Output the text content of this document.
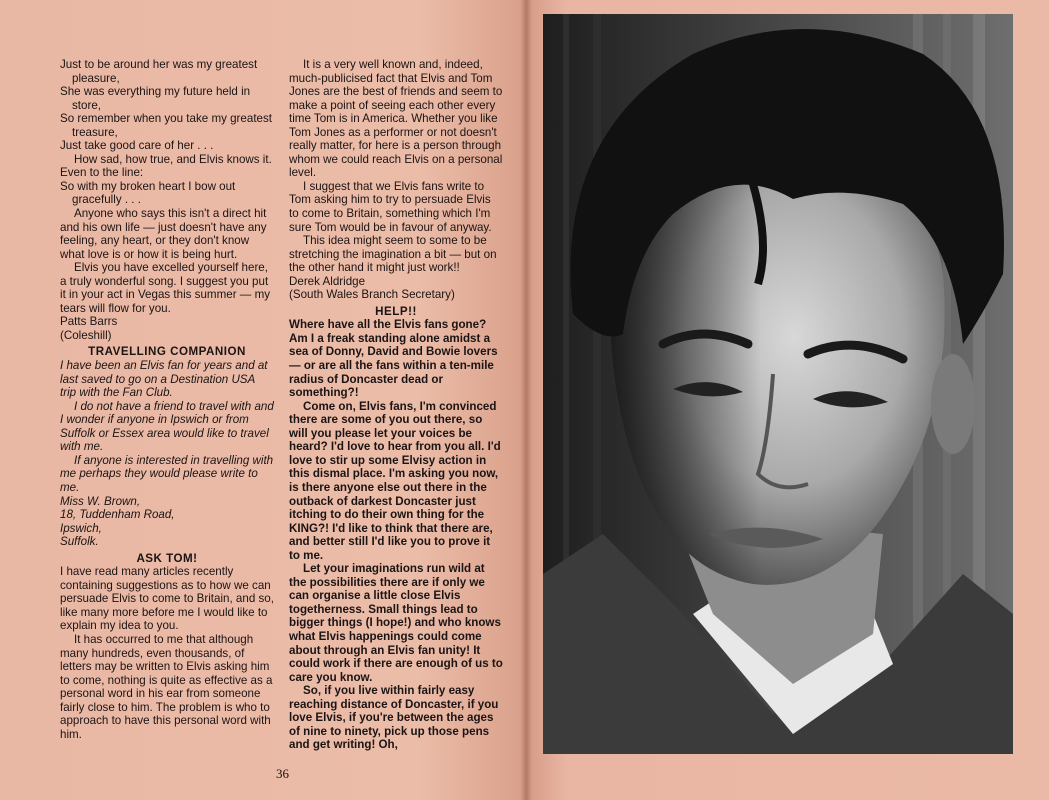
Just to be around her was my greatest pleasure,

She was everything my future held in store,

So remember when you take my greatest treasure,

Just take good care of her . . .

How sad, how true, and Elvis knows it. Even to the line:

So with my broken heart I bow out gracefully . . .

Anyone who says this isn't a direct hit and his own life — just doesn't have any feeling, any heart, or they don't know what love is or how it is being hurt.

Elvis you have excelled yourself here, a truly wonderful song. I suggest you put it in your act in Vegas this summer — my tears will flow for you.

Patts Barrs

(Coleshill)

TRAVELLING COMPANION

I have been an Elvis fan for years and at last saved to go on a Destination USA trip with the Fan Club.

I do not have a friend to travel with and I wonder if anyone in Ipswich or from Suffolk or Essex area would like to travel with me.

If anyone is interested in travelling with me perhaps they would please write to me.

Miss W. Brown,

18, Tuddenham Road,

Ipswich,

Suffolk.

ASK TOM!

I have read many articles recently containing suggestions as to how we can persuade Elvis to come to Britain, and so, like many more before me I would like to explain my idea to you.

It has occurred to me that although many hundreds, even thousands, of letters may be written to Elvis asking him to come, nothing is quite as effective as a personal word in his ear from someone fairly close to him. The problem is who to approach to have this personal word with him.

It is a very well known and, indeed, much-publicised fact that Elvis and Tom Jones are the best of friends and seem to make a point of seeing each other every time Tom is in America. Whether you like Tom Jones as a performer or not doesn't really matter, for here is a person through whom we could reach Elvis on a personal level.

I suggest that we Elvis fans write to Tom asking him to try to persuade Elvis to come to Britain, something which I'm sure Tom would be in favour of anyway.

This idea might seem to some to be stretching the imagination a bit — but on the other hand it might just work!!

Derek Aldridge

(South Wales Branch Secretary)

HELP!!

Where have all the Elvis fans gone? Am I a freak standing alone amidst a sea of Donny, David and Bowie lovers — or are all the fans within a ten-mile radius of Doncaster dead or something?!

Come on, Elvis fans, I'm convinced there are some of you out there, so will you please let your voices be heard? I'd love to hear from you all. I'd love to stir up some Elvisy action in this dismal place. I'm asking you now, is there anyone else out there in the outback of darkest Doncaster just itching to do their own thing for the KING?! I'd like to think that there are, and better still I'd like you to prove it to me.

Let your imaginations run wild at the possibilities there are if only we can organise a little close Elvis togetherness. Small things lead to bigger things (I hope!) and who knows what Elvis happenings could come about through an Elvis fan unity! It could work if there are enough of us to care you know.

So, if you live within fairly easy reaching distance of Doncaster, if you love Elvis, if you're between the ages of nine to ninety, pick up those pens and get writing! Oh,

36
